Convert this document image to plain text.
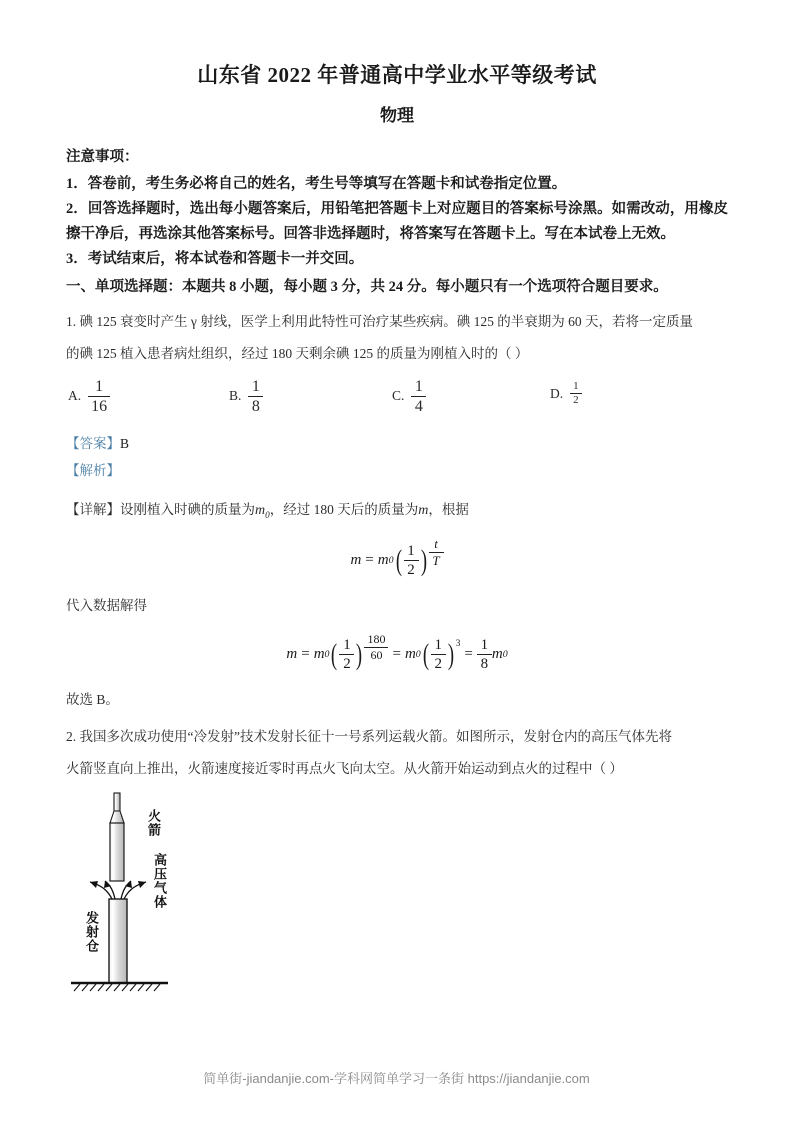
山东省 2022 年普通高中学业水平等级考试
物理
注意事项：

1．答卷前，考生务必将自己的姓名，考生号等填写在答题卡和试卷指定位置。

2．回答选择题时，选出每小题答案后，用铅笔把答题卡上对应题目的答案标号涂黑。如需改动，用橡皮擦干净后，再选涂其他答案标号。回答非选择题时，将答案写在答题卡上。写在本试卷上无效。

3．考试结束后，将本试卷和答题卡一并交回。

一、单项选择题：本题共 8 小题，每小题 3 分，共 24 分。每小题只有一个选项符合题目要求。

1. 碘 125 衰变时产生 γ 射线，医学上利用此特性可治疗某些疾病。碘 125 的半衰期为 60 天，若将一定质量

的碘 125 植入患者病灶组织，经过 180 天剩余碘 125 的质量为刚植入时的（ ）

A. $\frac{1}{16}$	B. $\frac{1}{8}$	C. $\frac{1}{4}$	D. $\frac{1}{2}$

【答案】B

【解析】

【详解】设刚植入时碘的质量为$m_0$，经过 180 天后的质量为m，根据

m = m 0 ( $\frac{1}{2}$ ) $\frac{t}{T}$

代入数据解得

m = m 0 ( $\frac{1}{2}$ ) $\frac{180}{60} = m$ 0 ( $\frac{1}{2}$ ) 3
= $\frac{1}{8}$ m 0

故选 B。

2. 我国多次成功使用“冷发射”技术发射长征十一号系列运载火箭。如图所示，发射仓内的高压气体先将

火箭竖直向上推出，火箭速度接近零时再点火飞向太空。从火箭开始运动到点火的过程中（ ）

火箭
高压气体
发射仓
简单街-jiandanjie.com-学科网简单学习一条街 https://jiandanjie.com
